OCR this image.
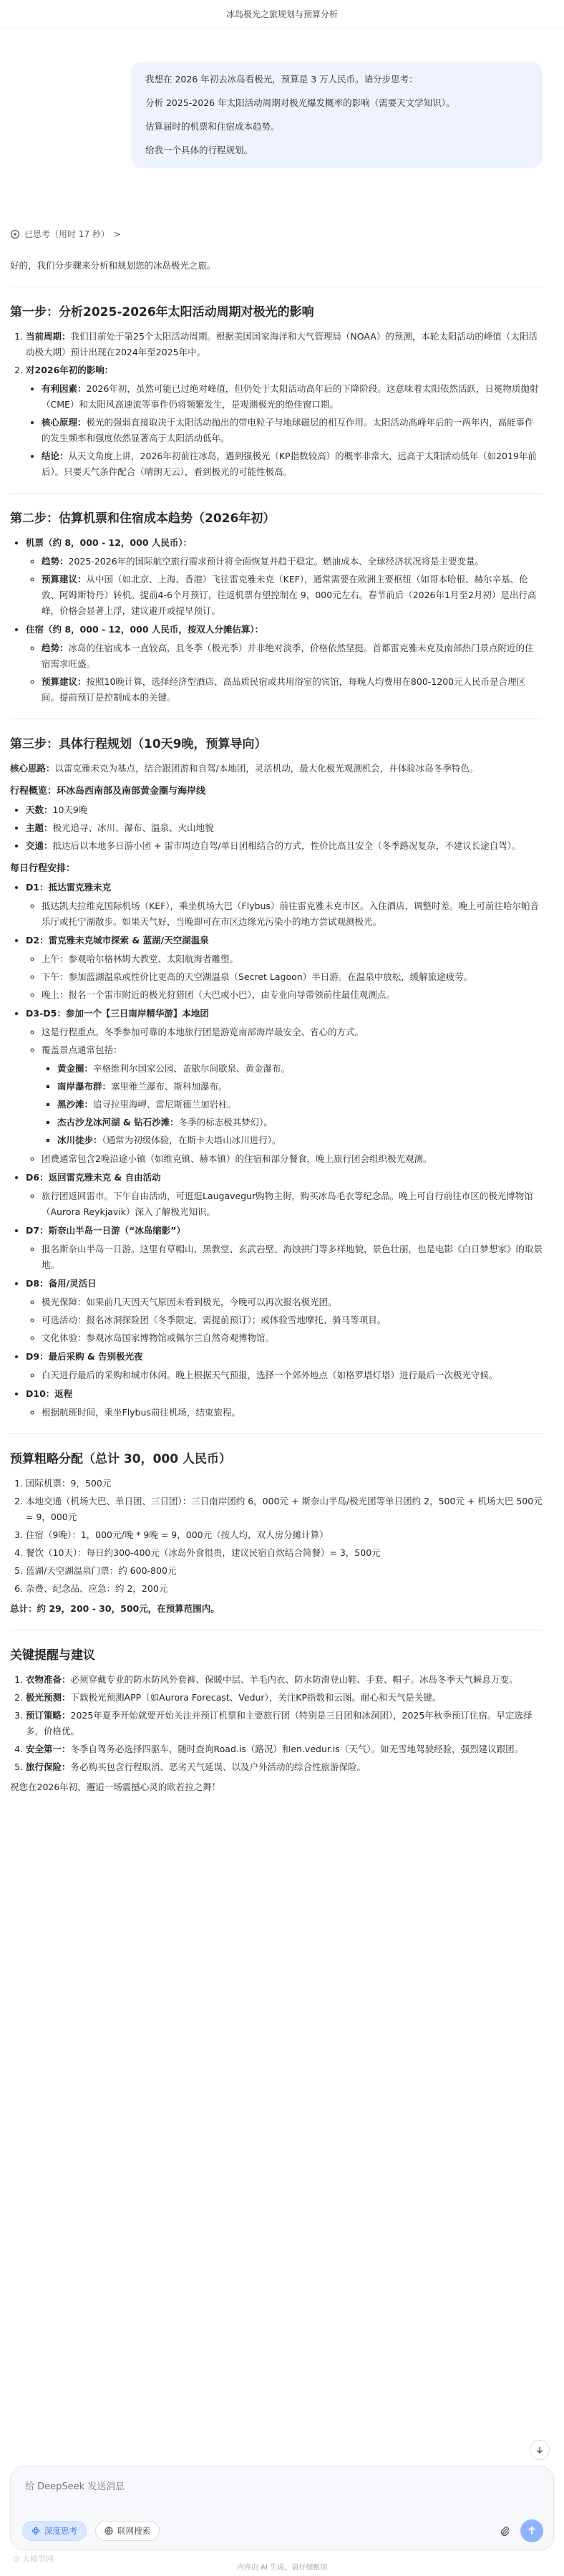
冰岛极光之旅规划与预算分析

我想在 2026 年初去冰岛看极光，预算是 3 万人民币。请分步思考：

分析 2025-2026 年太阳活动周期对极光爆发概率的影响（需要天文学知识）。

估算届时的机票和住宿成本趋势。

给我一个具体的行程规划。

已思考（用时 17 秒） >

好的，我们分步骤来分析和规划您的冰岛极光之旅。

第一步：分析2025-2026年太阳活动周期对极光的影响
1. 当前周期：我们目前处于第25个太阳活动周期。根据美国国家海洋和大气管理局（NOAA）的预测，本轮太阳活动的峰值（太阳活动极大期）预计出现在2024年至2025年中。
2. 对2026年初的影响：
• 有利因素：2026年初，虽然可能已过绝对峰值，但仍处于太阳活动高年后的下降阶段。这意味着太阳依然活跃，日冕物质抛射（CME）和太阳风高速流等事件仍将频繁发生，是观测极光的绝佳窗口期。
• 核心原理：极光的强弱直接取决于太阳活动抛出的带电粒子与地球磁层的相互作用。太阳活动高峰年后的一两年内，高能事件的发生频率和强度依然显著高于太阳活动低年。
• 结论：从天文角度上讲，2026年初前往冰岛，遇到强极光（KP指数较高）的概率非常大，远高于太阳活动低年（如2019年前后）。只要天气条件配合（晴朗无云），看到极光的可能性极高。
第二步：估算机票和住宿成本趋势（2026年初）
• 机票（约 8，000 - 12，000 人民币）：
◦ 趋势：2025-2026年的国际航空旅行需求预计将全面恢复并趋于稳定。燃油成本、全球经济状况将是主要变量。
◦ 预算建议：从中国（如北京、上海、香港）飞往雷克雅未克（KEF），通常需要在欧洲主要枢纽（如哥本哈根、赫尔辛基、伦敦、阿姆斯特丹）转机。提前4-6个月预订，往返机票有望控制在 9，000元左右。春节前后（2026年1月至2月初）是出行高峰，价格会显著上浮，建议避开或提早预订。
• 住宿（约 8，000 - 12，000 人民币，按双人分摊估算）：
◦ 趋势：冰岛的住宿成本一直较高，且冬季（极光季）并非绝对淡季，价格依然坚挺。首都雷克雅未克及南部热门景点附近的住宿需求旺盛。
◦ 预算建议：按照10晚计算，选择经济型酒店、高品质民宿或共用浴室的宾馆，每晚人均费用在800-1200元人民币是合理区间。提前预订是控制成本的关键。
第三步：具体行程规划（10天9晚，预算导向）

核心思路：以雷克雅未克为基点，结合跟团游和自驾/本地团，灵活机动，最大化极光观测机会，并体验冰岛冬季特色。

行程概览：环冰岛西南部及南部黄金圈与海岸线
• 天数：10天9晚
• 主题：极光追寻、冰川、瀑布、温泉、火山地貌
• 交通：抵达后以本地多日游小团 + 雷市周边自驾/单日团相结合的方式，性价比高且安全（冬季路况复杂，不建议长途自驾）。
每日行程安排：
• D1：抵达雷克雅未克
◦ 抵达凯夫拉维克国际机场（KEF），乘坐机场大巴（Flybus）前往雷克雅未克市区。入住酒店，调整时差。晚上可前往哈尔帕音乐厅或托宁湖散步。如果天气好，当晚即可在市区边缘光污染小的地方尝试观测极光。
• D2：雷克雅未克城市探索 & 蓝湖/天空湖温泉
◦ 上午：参观哈尔格林姆大教堂、太阳航海者雕塑。
◦ 下午：参加蓝湖温泉或性价比更高的天空湖温泉（Secret Lagoon）半日游。在温泉中放松，缓解旅途疲劳。
◦ 晚上：报名一个雷市附近的极光狩猎团（大巴或小巴），由专业向导带领前往最佳观测点。
• D3-D5：参加一个【三日南岸精华游】本地团
◦ 这是行程重点。冬季参加可靠的本地旅行团是游览南部海岸最安全、省心的方式。
◦ 覆盖景点通常包括：
▪ 黄金圈：辛格维利尔国家公园、盖歇尔间歇泉、黄金瀑布。
▪ 南岸瀑布群：塞里雅兰瀑布、斯科加瀑布。
▪ 黑沙滩：追寻拉里海岬、雷尼斯德兰加岩柱。
▪ 杰古沙龙冰河湖 & 钻石沙滩：冬季的标志极其梦幻）。
▪ 冰川徒步：（通常为初级体验，在斯卡夫塔山冰川进行）。
◦ 团费通常包含2晚沿途小镇（如维克镇、赫本镇）的住宿和部分餐食，晚上旅行团会组织极光观测。
• D6：返回雷克雅未克 & 自由活动
◦ 旅行团返回雷市。下午自由活动，可逛逛Laugavegur购物主街，购买冰岛毛衣等纪念品。晚上可自行前往市区的极光博物馆（Aurora Reykjavik）深入了解极光知识。
• D7：斯奈山半岛一日游（“冰岛缩影”）
◦ 报名斯奈山半岛一日游。这里有草帽山、黑教堂、玄武岩壁、海蚀拱门等多样地貌，景色壮丽，也是电影《白日梦想家》的取景地。
• D8：备用/灵活日
◦ 极光保障：如果前几天因天气原因未看到极光，今晚可以再次报名极光团。
◦ 可选活动：报名冰洞探险团（冬季限定，需提前预订）；或体验雪地摩托、骑马等项目。
◦ 文化体验：参观冰岛国家博物馆或佩尔兰自然奇观博物馆。
• D9：最后采购 & 告别极光夜
◦ 白天进行最后的采购和城市休闲。晚上根据天气预报，选择一个郊外地点（如格罗塔灯塔）进行最后一次极光守候。
• D10：返程
◦ 根据航班时间，乘坐Flybus前往机场，结束旅程。
预算粗略分配（总计 30，000 人民币）
1. 国际机票：9，500元
2. 本地交通（机场大巴、单日团、三日团）：三日南岸团约 6，000元 + 斯奈山半岛/极光团等单日团约 2，500元 + 机场大巴 500元 = 9，000元
3. 住宿（9晚）：1，000元/晚 * 9晚 = 9，000元（按人均，双人房分摊计算）
4. 餐饮（10天）：每日约300-400元（冰岛外食很贵，建议民宿自炊结合简餐）= 3，500元
5. 蓝湖/天空湖温泉门票：约 600-800元
6. 杂费、纪念品、应急：约 2，200元

总计：约 29，200 - 30，500元，在预算范围内。

关键提醒与建议
1. 衣物准备：必须穿戴专业的防水防风外套裤、保暖中层、羊毛内衣、防水防滑登山鞋、手套、帽子。冰岛冬季天气瞬息万变。
2. 极光预测：下载极光预测APP（如Aurora Forecast、Vedur），关注KP指数和云图。耐心和天气是关键。
3. 预订策略：2025年夏季开始就要开始关注并预订机票和主要旅行团（特别是三日团和冰洞团），2025年秋季预订住宿。早定选择多，价格优。
4. 安全第一：冬季自驾务必选择四驱车，随时查询Road.is（路况）和en.vedur.is（天气）。如无雪地驾驶经验，强烈建议跟团。
5. 旅行保险：务必购买包含行程取消、恶劣天气延误、以及户外活动的综合性旅游保险。

祝您在2026年初，邂逅一场震撼心灵的欧若拉之舞！

给 DeepSeek 发送消息
深度思考	联网搜索
⊙ 大模型网
内容由 AI 生成，请仔细甄别
